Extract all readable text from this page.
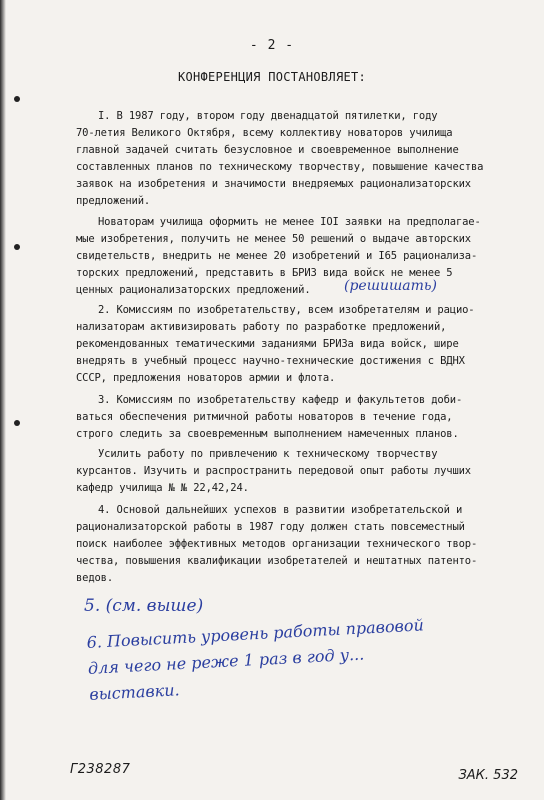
- 2 -
КОНФЕРЕНЦИЯ ПОСТАНОВЛЯЕТ:

I. В 1987 году, втором году двенадцатой пятилетки, году
70-летия Великого Октября, всему коллективу новаторов училища
главной задачей считать безусловное и своевременное выполнение
составленных планов по техническому творчеству, повышение качества
заявок на изобретения и значимости внедряемых рационализаторских
предложений.

Новаторам училища оформить не менее IOI заявки на предполагае-
мые изобретения, получить не менее 50 решений о выдаче авторских
свидетельств, внедрить не менее 20 изобретений и I65 рационализа-
торских предложений, представить в БРИЗ вида войск не менее 5
ценных рационализаторских предложений.

2. Комиссиям по изобретательству, всем изобретателям и рацио-
нализаторам активизировать работу по разработке предложений,
рекомендованных тематическими заданиями БРИЗа вида войск, шире
внедрять в учебный процесс научно-технические достижения с ВДНХ
СССР, предложения новаторов армии и флота.

3. Комиссиям по изобретательству кафедр и факультетов доби-
ваться обеспечения ритмичной работы новаторов в течение года,
строго следить за своевременным выполнением намеченных планов.

Усилить работу по привлечению к техническому творчеству
курсантов. Изучить и распространить передовой опыт работы лучших
кафедр училища № № 22,42,24.

4. Основой дальнейших успехов в развитии изобретательской и
рационализаторской работы в 1987 году должен стать повсеместный
поиск наиболее эффективных методов организации технического твор-
чества, повышения квалификации изобретателей и нештатных патенто-
ведов.

(решишать)
5. (см. выше)
6. Повысить уровень работы правовой
для чего не реже 1 раз в год у...
выставки.
Г238287	ЗАК. 532
